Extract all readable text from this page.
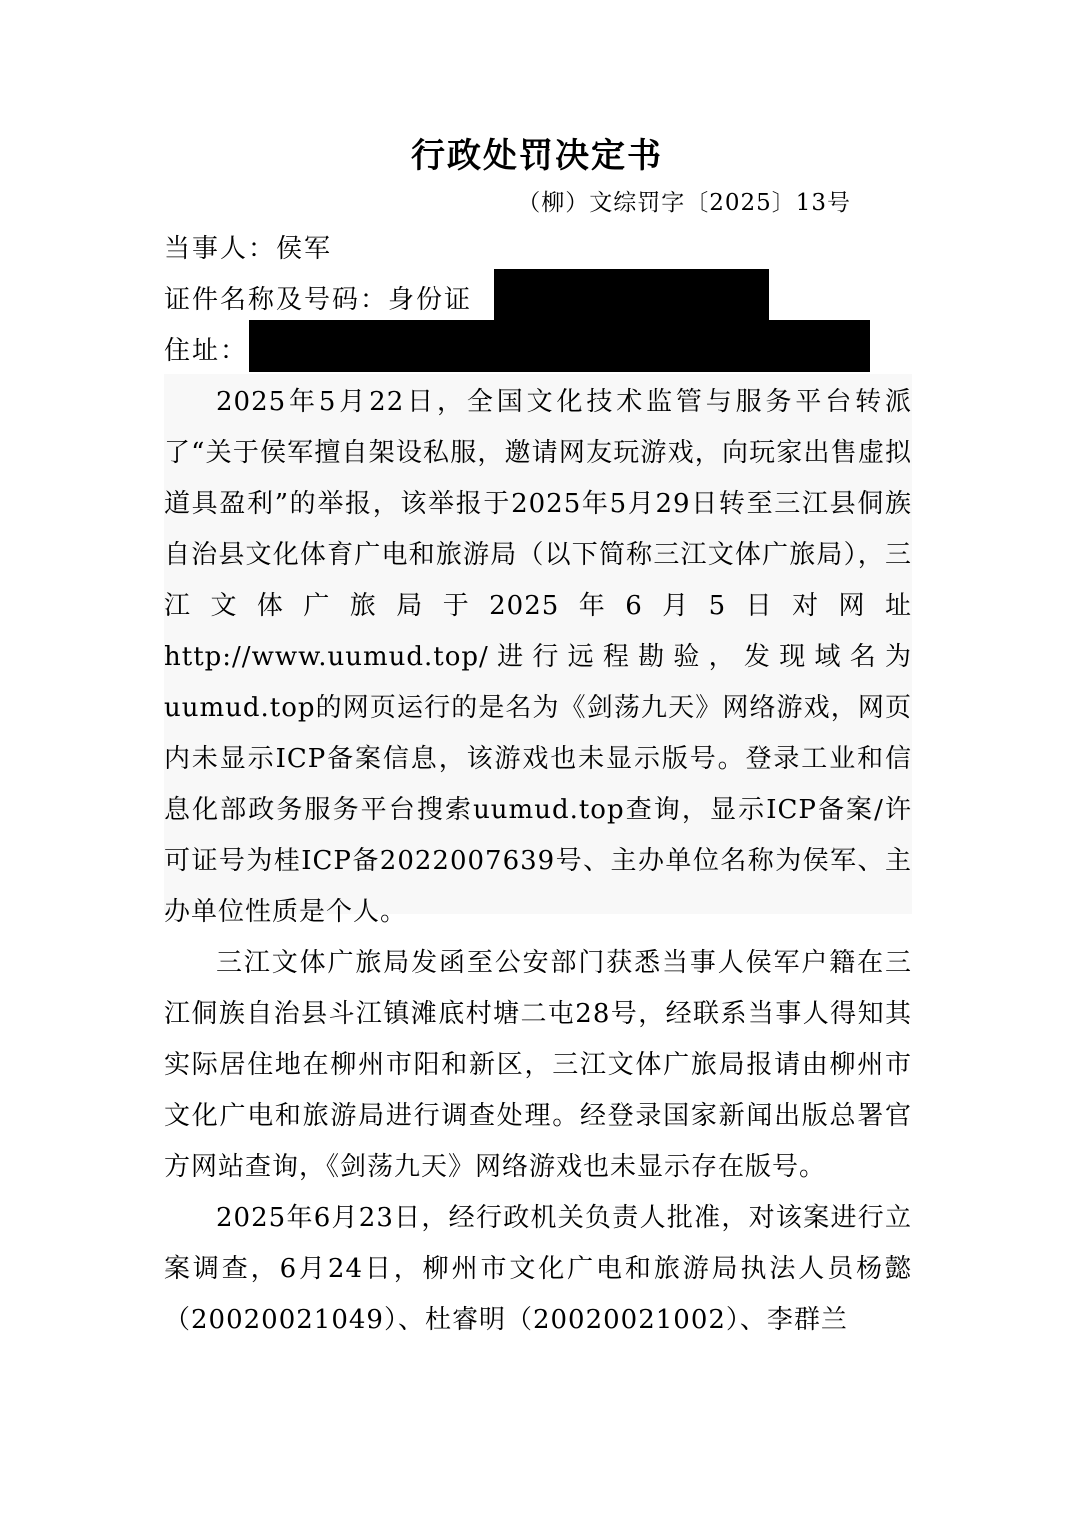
行政处罚决定书
（柳）文综罚字〔2025〕13号
当事人：侯军
证件名称及号码：身份证
住址：

2025年5月22日，全国文化技术监管与服务平台转派了“关于侯军擅自架设私服，邀请网友玩游戏，向玩家出售虚拟道具盈利”的举报，该举报于2025年5月29日转至三江县侗族自治县文化体育广电和旅游局（以下简称三江文体广旅局），三江文体广旅局于2025年6月5日对网址http://www.uumud.top/进行远程勘验，发现域名为uumud.top的网页运行的是名为《剑荡九天》网络游戏，网页内未显示ICP备案信息，该游戏也未显示版号。登录工业和信息化部政务服务平台搜索uumud.top查询，显示ICP备案/许可证号为桂ICP备2022007639号、主办单位名称为侯军、主办单位性质是个人。

三江文体广旅局发函至公安部门获悉当事人侯军户籍在三江侗族自治县斗江镇滩底村塘二屯28号，经联系当事人得知其实际居住地在柳州市阳和新区，三江文体广旅局报请由柳州市文化广电和旅游局进行调查处理。经登录国家新闻出版总署官方网站查询，《剑荡九天》网络游戏也未显示存在版号。

2025年6月23日，经行政机关负责人批准，对该案进行立案调查，6月24日，柳州市文化广电和旅游局执法人员杨懿（20020021049）、杜睿明（20020021002）、李群兰
